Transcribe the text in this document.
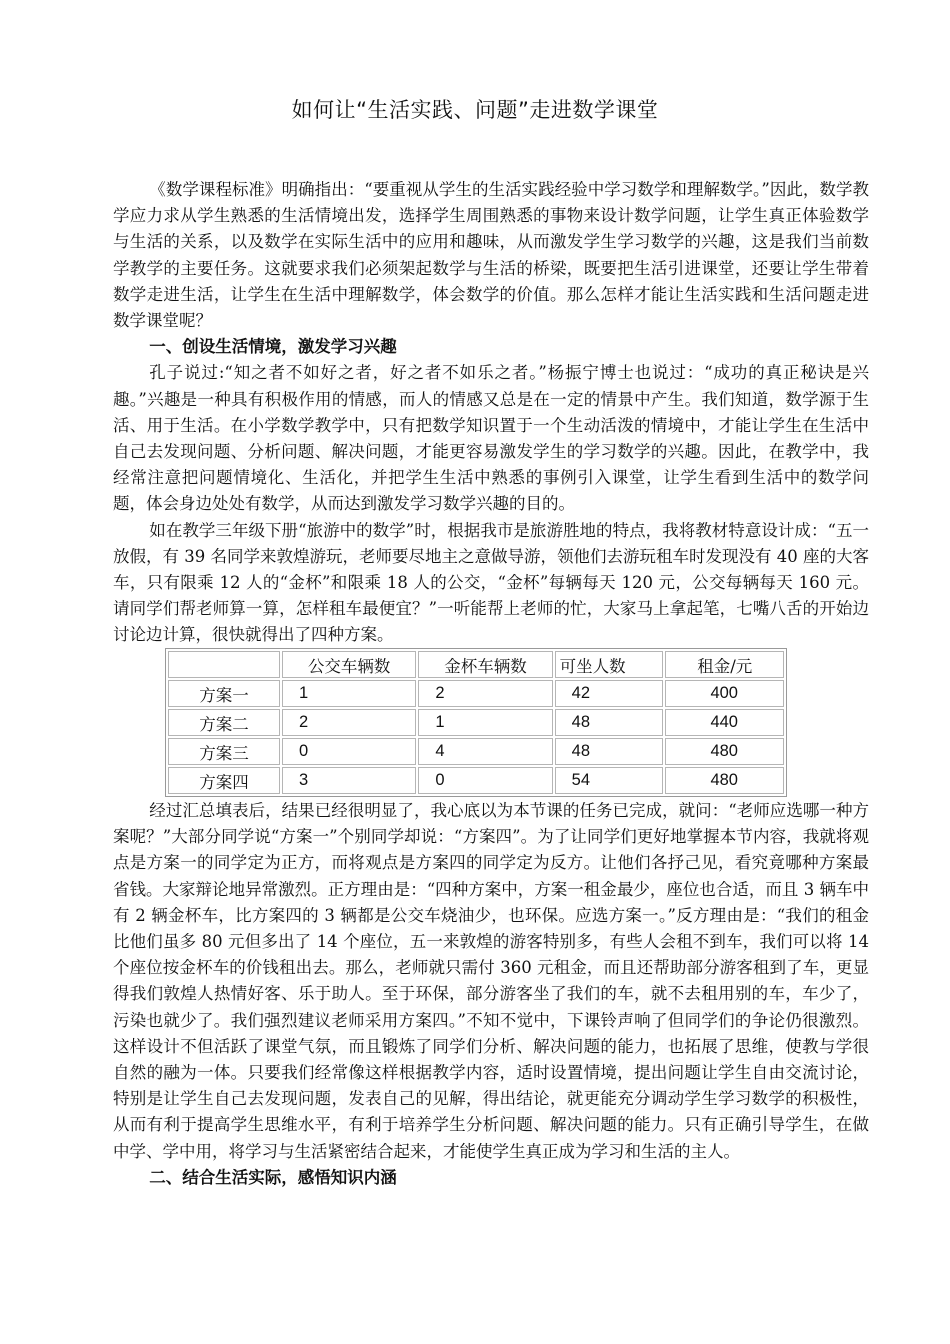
如何让“生活实践、问题”走进数学课堂

《数学课程标准》明确指出：“要重视从学生的生活实践经验中学习数学和理解数学。”因此，数学教学应力求从学生熟悉的生活情境出发，选择学生周围熟悉的事物来设计数学问题，让学生真正体验数学与生活的关系，以及数学在实际生活中的应用和趣味，从而激发学生学习数学的兴趣，这是我们当前数学教学的主要任务。这就要求我们必须架起数学与生活的桥梁，既要把生活引进课堂，还要让学生带着数学走进生活，让学生在生活中理解数学，体会数学的价值。那么怎样才能让生活实践和生活问题走进数学课堂呢？

一、创设生活情境，激发学习兴趣

孔子说过:“知之者不如好之者，好之者不如乐之者。”杨振宁博士也说过：“成功的真正秘诀是兴趣。”兴趣是一种具有积极作用的情感，而人的情感又总是在一定的情景中产生。我们知道，数学源于生活、用于生活。在小学数学教学中，只有把数学知识置于一个生动活泼的情境中，才能让学生在生活中自己去发现问题、分析问题、解决问题，才能更容易激发学生的学习数学的兴趣。因此，在教学中，我经常注意把问题情境化、生活化，并把学生生活中熟悉的事例引入课堂，让学生看到生活中的数学问题，体会身边处处有数学，从而达到激发学习数学兴趣的目的。

如在教学三年级下册“旅游中的数学”时，根据我市是旅游胜地的特点，我将教材特意设计成：“五一放假，有 39 名同学来敦煌游玩，老师要尽地主之意做导游，领他们去游玩租车时发现没有 40 座的大客车，只有限乘 12 人的“金杯”和限乘 18 人的公交，“金杯”每辆每天 120 元，公交每辆每天 160 元。请同学们帮老师算一算，怎样租车最便宜？”一听能帮上老师的忙，大家马上拿起笔，七嘴八舌的开始边讨论边计算，很快就得出了四种方案。

	公交车辆数	金杯车辆数	可坐人数	租金/元
方案一	1	2	42	400
方案二	2	1	48	440
方案三	0	4	48	480
方案四	3	0	54	480

经过汇总填表后，结果已经很明显了，我心底以为本节课的任务已完成，就问：“老师应选哪一种方案呢？”大部分同学说“方案一”个别同学却说：“方案四”。为了让同学们更好地掌握本节内容，我就将观点是方案一的同学定为正方，而将观点是方案四的同学定为反方。让他们各抒己见，看究竟哪种方案最省钱。大家辩论地异常激烈。正方理由是：“四种方案中，方案一租金最少，座位也合适，而且 3 辆车中有 2 辆金杯车，比方案四的 3 辆都是公交车烧油少，也环保。应选方案一。”反方理由是：“我们的租金比他们虽多 80 元但多出了 14 个座位，五一来敦煌的游客特别多，有些人会租不到车，我们可以将 14 个座位按金杯车的价钱租出去。那么，老师就只需付 360 元租金，而且还帮助部分游客租到了车，更显得我们敦煌人热情好客、乐于助人。至于环保，部分游客坐了我们的车，就不去租用别的车，车少了，污染也就少了。我们强烈建议老师采用方案四。”不知不觉中，下课铃声响了但同学们的争论仍很激烈。这样设计不但活跃了课堂气氛，而且锻炼了同学们分析、解决问题的能力，也拓展了思维，使教与学很自然的融为一体。只要我们经常像这样根据教学内容，适时设置情境，提出问题让学生自由交流讨论，特别是让学生自己去发现问题，发表自己的见解，得出结论，就更能充分调动学生学习数学的积极性，从而有利于提高学生思维水平，有利于培养学生分析问题、解决问题的能力。只有正确引导学生，在做中学、学中用，将学习与生活紧密结合起来，才能使学生真正成为学习和生活的主人。

二、结合生活实际，感悟知识内涵
